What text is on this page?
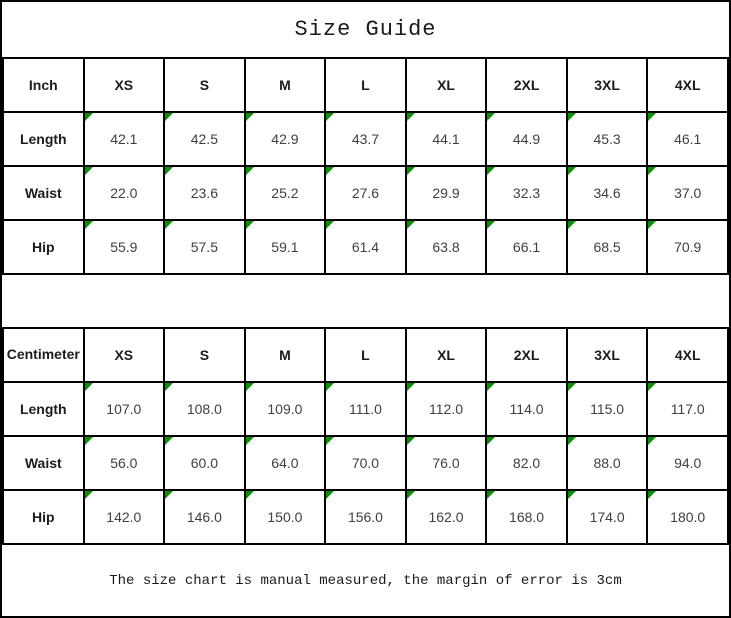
Size Guide
Inch	XS	S	M	L	XL	2XL	3XL	4XL
Length	42.1	42.5	42.9	43.7	44.1	44.9	45.3	46.1
Waist	22.0	23.6	25.2	27.6	29.9	32.3	34.6	37.0
Hip	55.9	57.5	59.1	61.4	63.8	66.1	68.5	70.9
Centimeter	XS	S	M	L	XL	2XL	3XL	4XL
Length	107.0	108.0	109.0	111.0	112.0	114.0	115.0	117.0
Waist	56.0	60.0	64.0	70.0	76.0	82.0	88.0	94.0
Hip	142.0	146.0	150.0	156.0	162.0	168.0	174.0	180.0
The size chart is manual measured, the margin of error is 3cm
